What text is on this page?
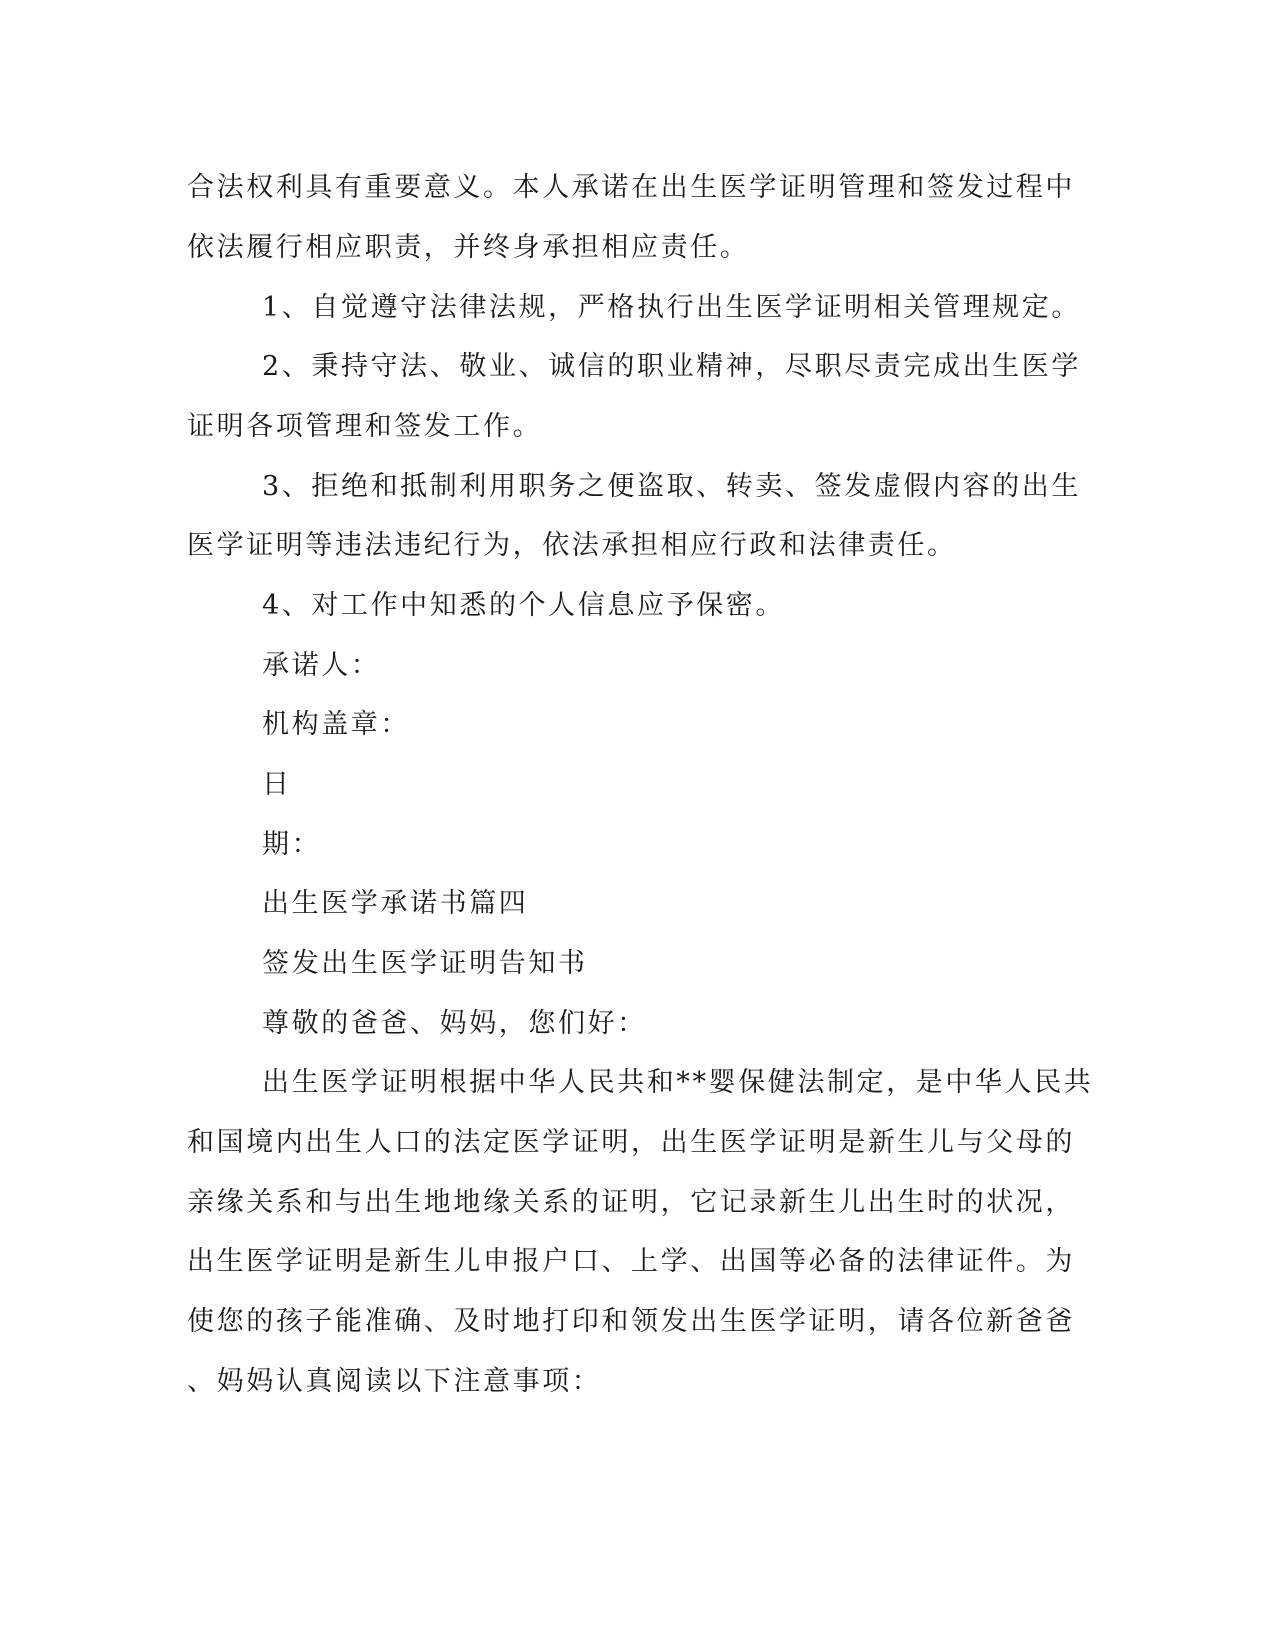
合法权利具有重要意义。本人承诺在出生医学证明管理和签发过程中

依法履行相应职责，并终身承担相应责任。

1、自觉遵守法律法规，严格执行出生医学证明相关管理规定。

2、秉持守法、敬业、诚信的职业精神，尽职尽责完成出生医学

证明各项管理和签发工作。

3、拒绝和抵制利用职务之便盗取、转卖、签发虚假内容的出生

医学证明等违法违纪行为，依法承担相应行政和法律责任。

4、对工作中知悉的个人信息应予保密。

承诺人：

机构盖章：

日

期：

出生医学承诺书篇四

签发出生医学证明告知书

尊敬的爸爸、妈妈，您们好：

出生医学证明根据中华人民共和**婴保健法制定，是中华人民共

和国境内出生人口的法定医学证明，出生医学证明是新生儿与父母的

亲缘关系和与出生地地缘关系的证明，它记录新生儿出生时的状况，

出生医学证明是新生儿申报户口、上学、出国等必备的法律证件。为

使您的孩子能准确、及时地打印和领发出生医学证明，请各位新爸爸

、妈妈认真阅读以下注意事项：
